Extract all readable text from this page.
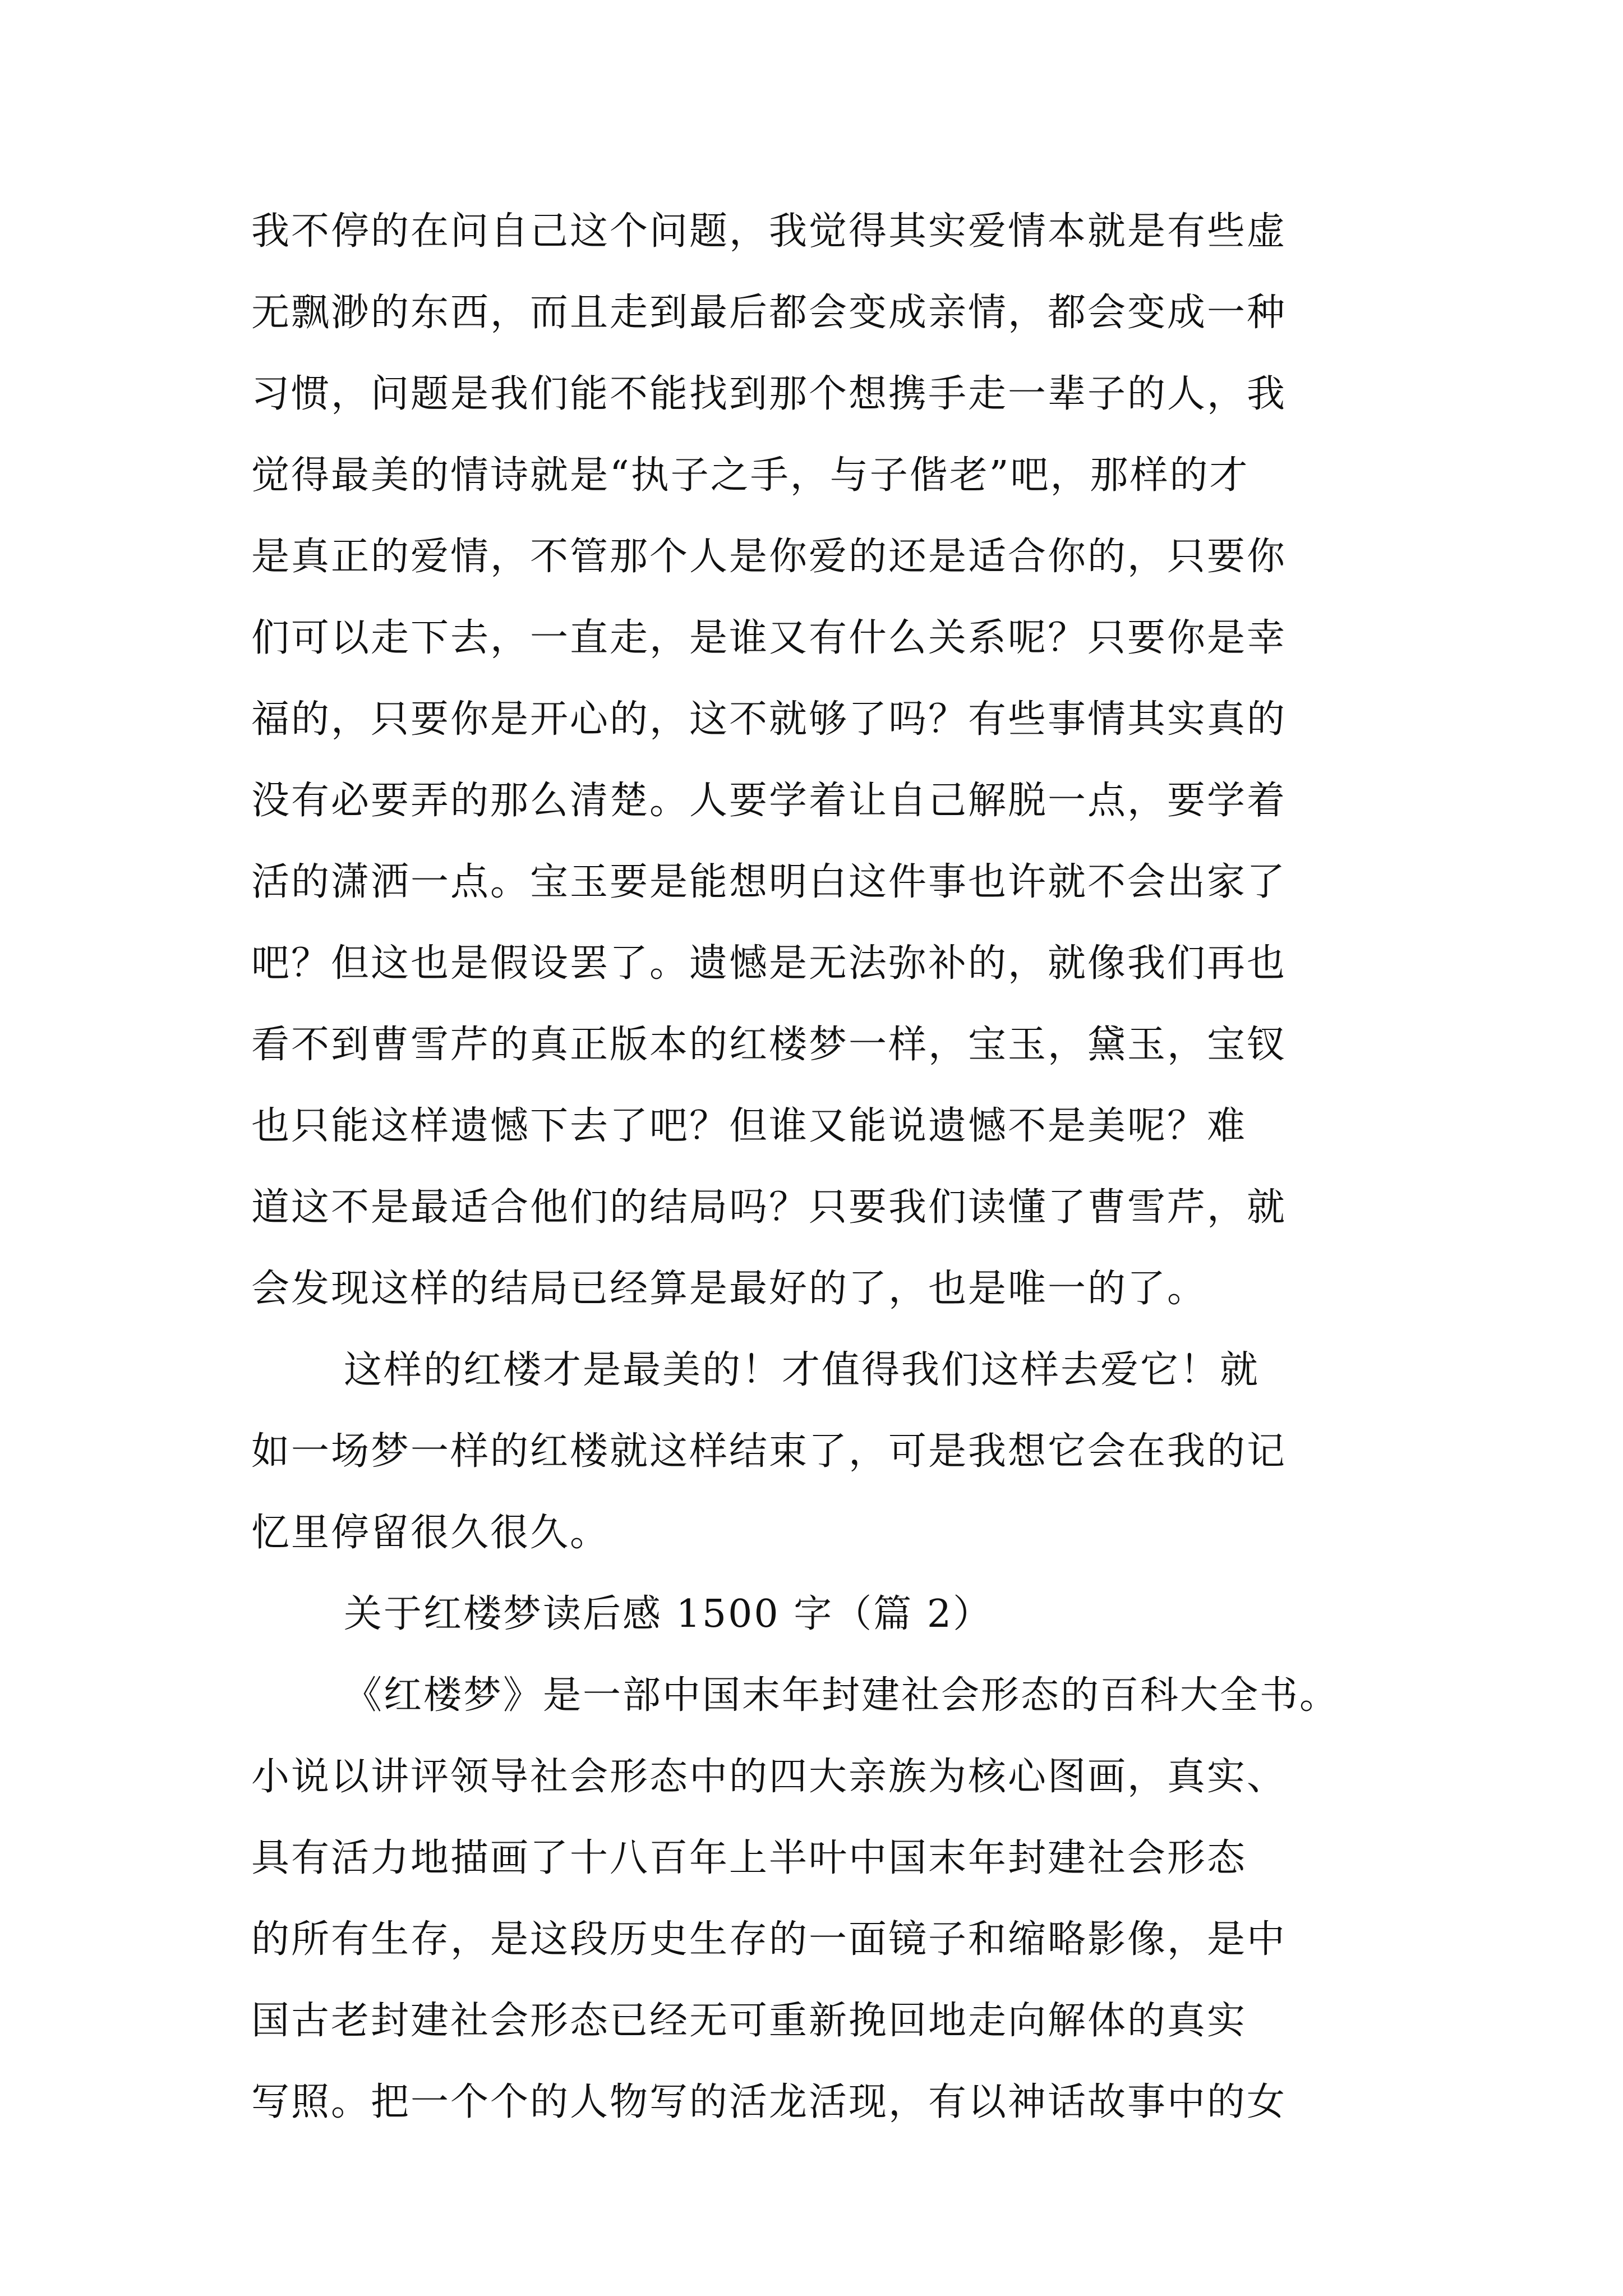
我不停的在问自己这个问题，我觉得其实爱情本就是有些虚
无飘渺的东西，而且走到最后都会变成亲情，都会变成一种
习惯，问题是我们能不能找到那个想携手走一辈子的人，我
觉得最美的情诗就是“执子之手，与子偕老”吧，那样的才
是真正的爱情，不管那个人是你爱的还是适合你的，只要你
们可以走下去，一直走，是谁又有什么关系呢？只要你是幸
福的，只要你是开心的，这不就够了吗？有些事情其实真的
没有必要弄的那么清楚。人要学着让自己解脱一点，要学着
活的潇洒一点。宝玉要是能想明白这件事也许就不会出家了
吧？但这也是假设罢了。遗憾是无法弥补的，就像我们再也
看不到曹雪芹的真正版本的红楼梦一样，宝玉，黛玉，宝钗
也只能这样遗憾下去了吧？但谁又能说遗憾不是美呢？难
道这不是最适合他们的结局吗？只要我们读懂了曹雪芹，就
会发现这样的结局已经算是最好的了，也是唯一的了。
这样的红楼才是最美的！才值得我们这样去爱它！就
如一场梦一样的红楼就这样结束了，可是我想它会在我的记
忆里停留很久很久。
关于红楼梦读后感 1500 字（篇 2）
《红楼梦》是一部中国末年封建社会形态的百科大全书。
小说以讲评领导社会形态中的四大亲族为核心图画，真实、
具有活力地描画了十八百年上半叶中国末年封建社会形态
的所有生存，是这段历史生存的一面镜子和缩略影像，是中
国古老封建社会形态已经无可重新挽回地走向解体的真实
写照。把一个个的人物写的活龙活现，有以神话故事中的女
